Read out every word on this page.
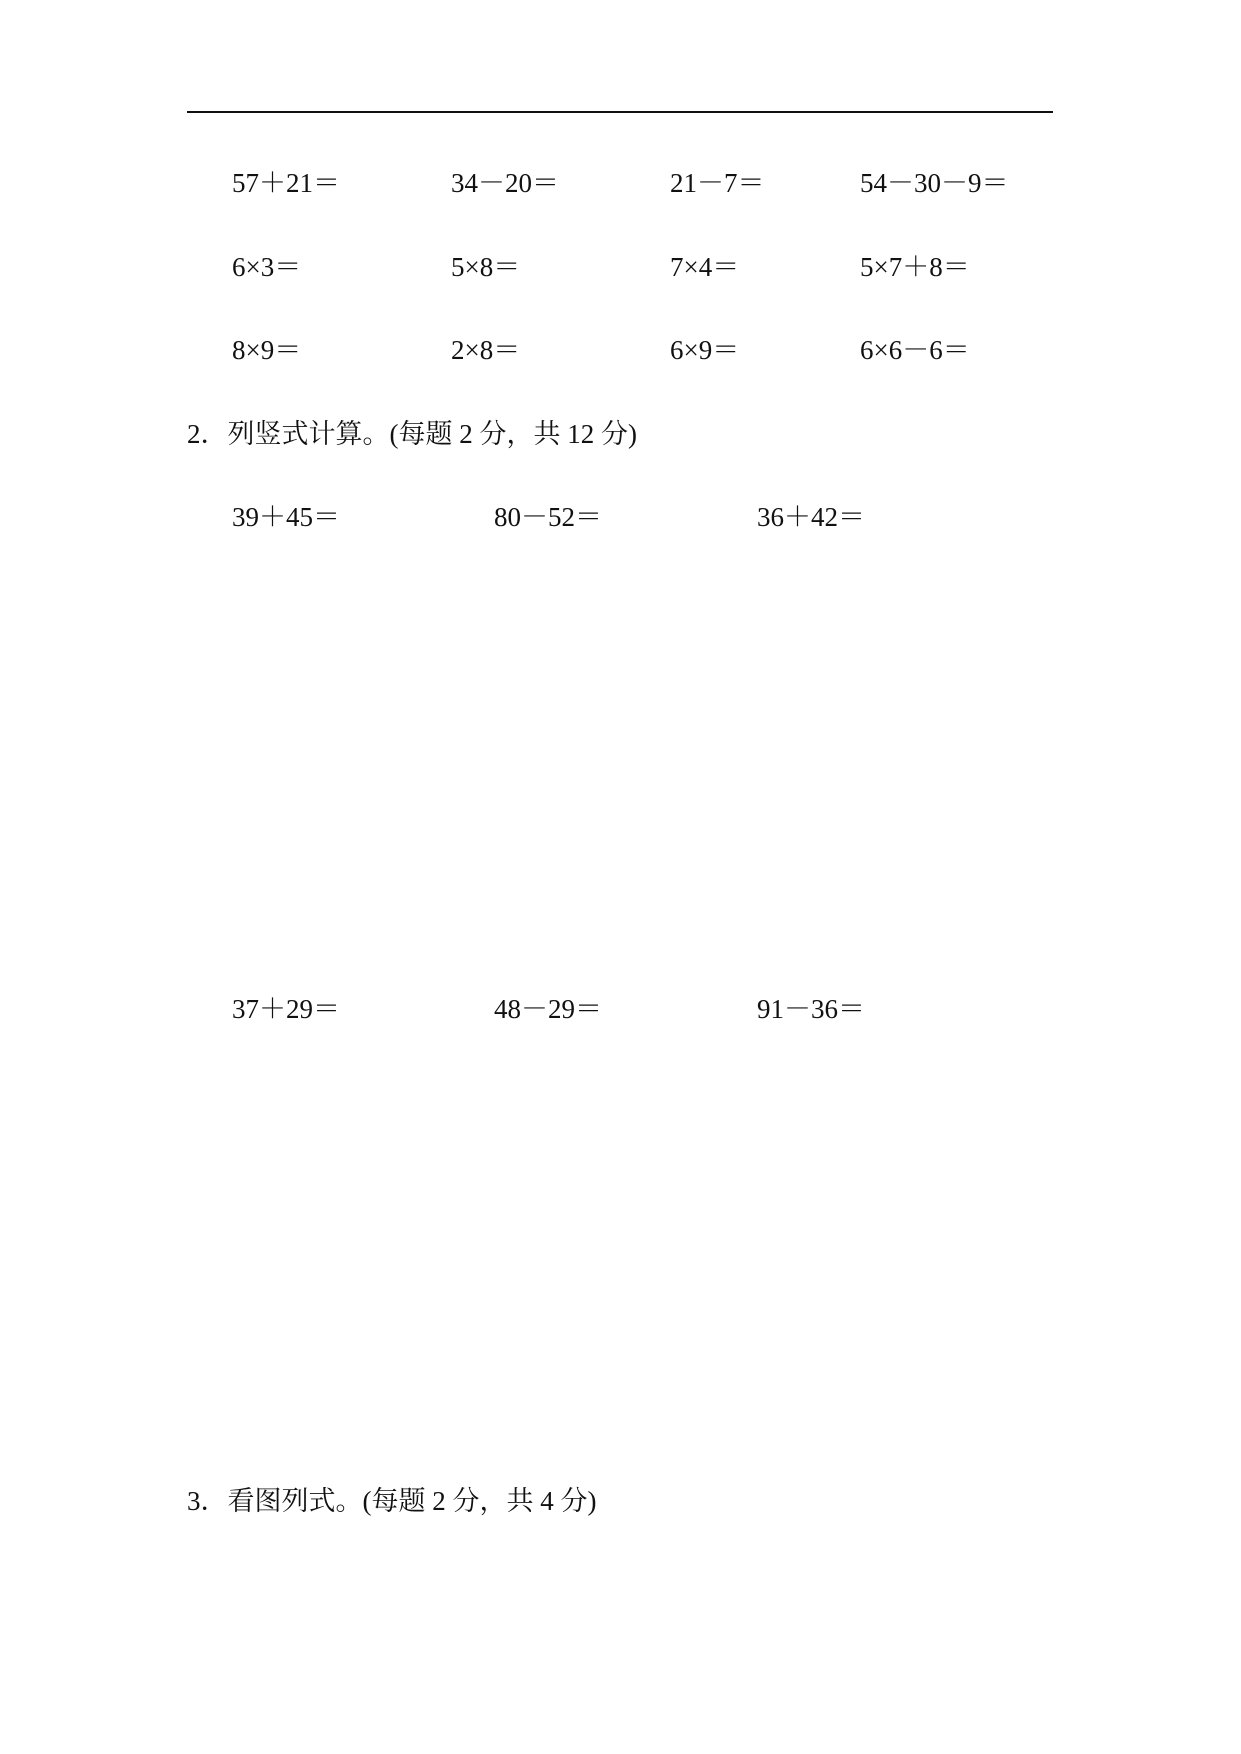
57＋21＝	34－20＝	21－7＝	54－30－9＝
6×3＝	5×8＝	7×4＝	5×7＋8＝
8×9＝	2×8＝	6×9＝	6×6－6＝
2．列竖式计算。(每题 2 分，共 12 分)
39＋45＝	80－52＝	36＋42＝
37＋29＝	48－29＝	91－36＝
3．看图列式。(每题 2 分，共 4 分)
